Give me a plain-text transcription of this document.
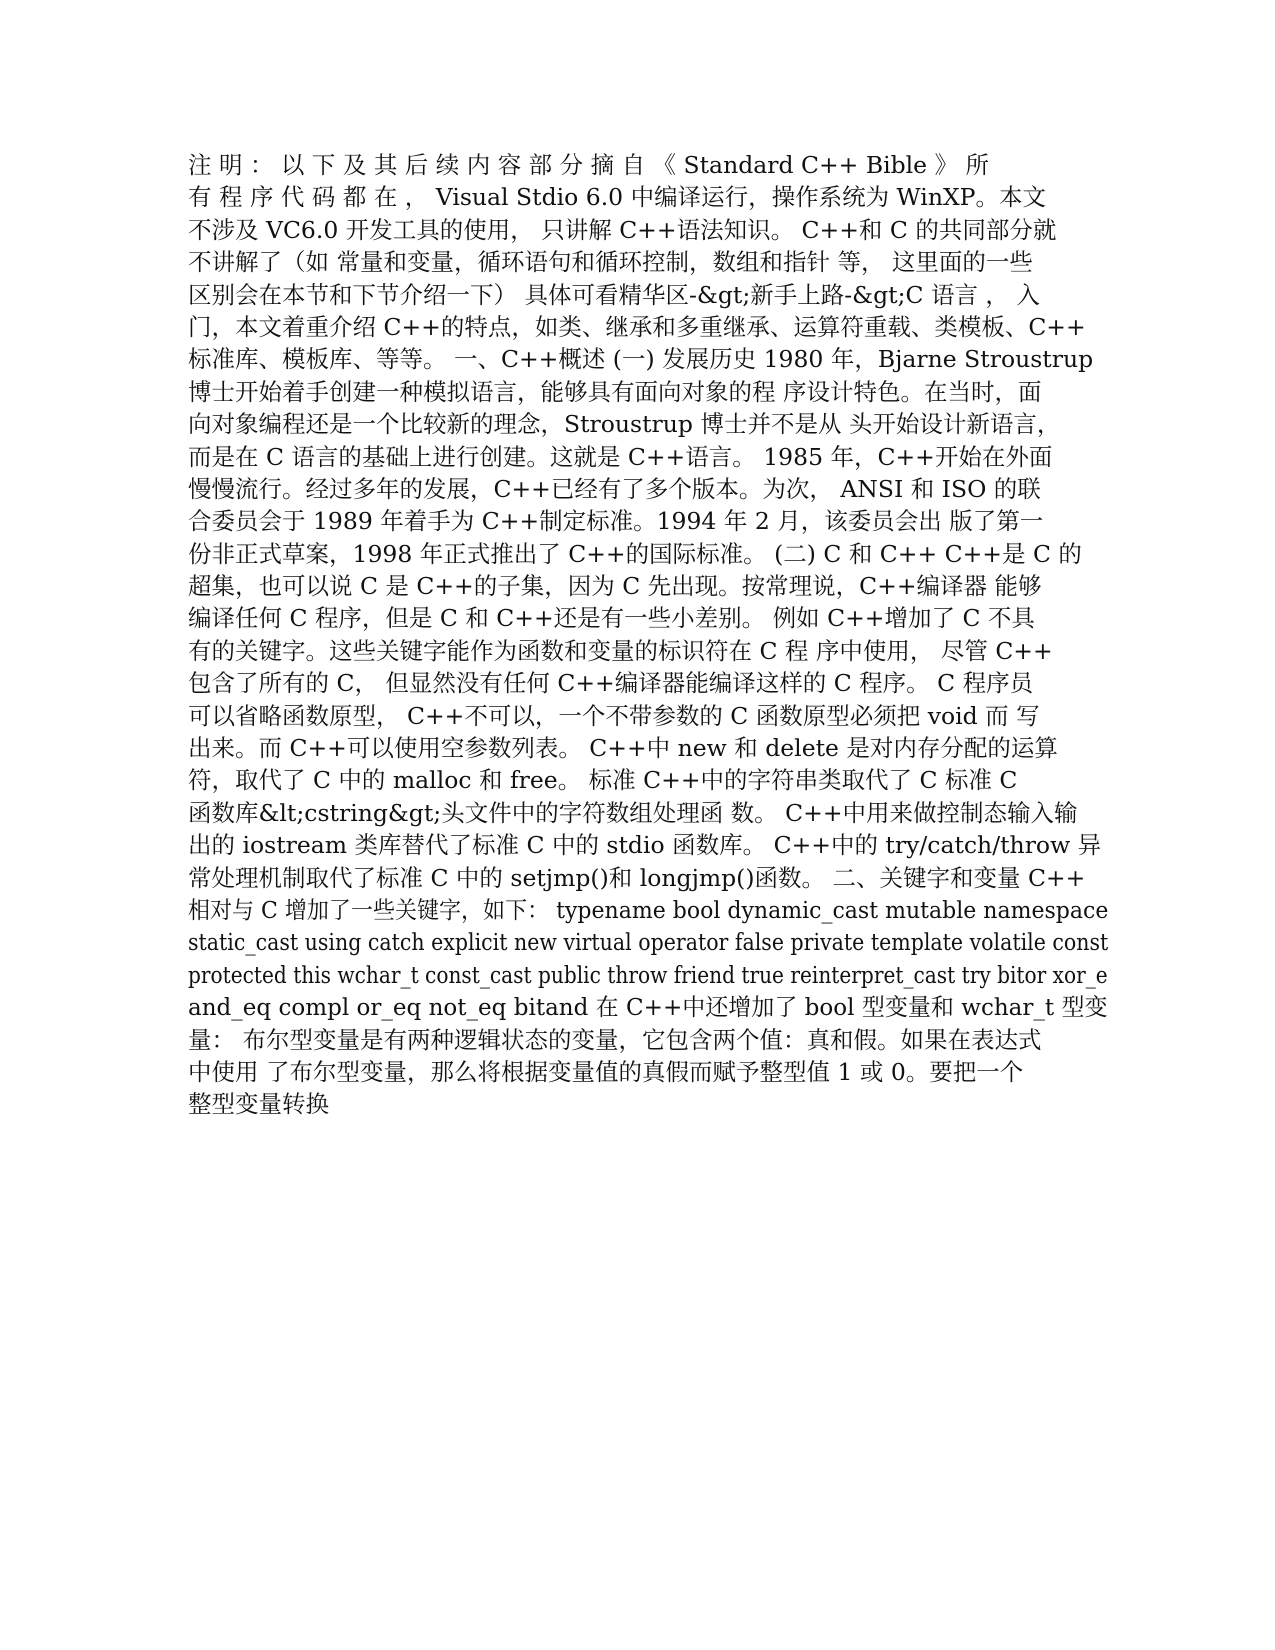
注 明 ： 以 下 及 其 后 续 内 容 部 分 摘 自 《 Standard C++ Bible 》 所
有 程 序 代 码 都 在 ， Visual Stdio 6.0 中编译运行，操作系统为 WinXP。本文
不涉及 VC6.0 开发工具的使用， 只讲解 C++语法知识。 C++和 C 的共同部分就
不讲解了（如 常量和变量，循环语句和循环控制，数组和指针 等， 这里面的一些
区别会在本节和下节介绍一下） 具体可看精华区-&gt;新手上路-&gt;C 语言 ， 入
门，本文着重介绍 C++的特点，如类、继承和多重继承、运算符重载、类模板、C++
标准库、模板库、等等。 一、C++概述 (一) 发展历史 1980 年，Bjarne Stroustrup
博士开始着手创建一种模拟语言，能够具有面向对象的程 序设计特色。在当时，面
向对象编程还是一个比较新的理念，Stroustrup 博士并不是从 头开始设计新语言，
而是在 C 语言的基础上进行创建。这就是 C++语言。 1985 年，C++开始在外面
慢慢流行。经过多年的发展，C++已经有了多个版本。为次， ANSI 和 ISO 的联
合委员会于 1989 年着手为 C++制定标准。1994 年 2 月，该委员会出 版了第一
份非正式草案，1998 年正式推出了 C++的国际标准。 (二) C 和 C++ C++是 C 的
超集，也可以说 C 是 C++的子集，因为 C 先出现。按常理说，C++编译器 能够
编译任何 C 程序，但是 C 和 C++还是有一些小差别。 例如 C++增加了 C 不具
有的关键字。这些关键字能作为函数和变量的标识符在 C 程 序中使用， 尽管 C++
包含了所有的 C， 但显然没有任何 C++编译器能编译这样的 C 程序。 C 程序员
可以省略函数原型， C++不可以，一个不带参数的 C 函数原型必须把 void 而 写
出来。而 C++可以使用空参数列表。 C++中 new 和 delete 是对内存分配的运算
符，取代了 C 中的 malloc 和 free。 标准 C++中的字符串类取代了 C 标准 C
函数库&lt;cstring&gt;头文件中的字符数组处理函 数。 C++中用来做控制态输入输
出的 iostream 类库替代了标准 C 中的 stdio 函数库。 C++中的 try/catch/throw 异
常处理机制取代了标准 C 中的 setjmp()和 longjmp()函数。 二、关键字和变量 C++
相对与 C 增加了一些关键字，如下： typename bool dynamic_cast mutable namespace
static_cast using catch explicit new virtual operator false private template volatile const
protected this wchar_t const_cast public throw friend true reinterpret_cast try bitor xor_e
and_eq compl or_eq not_eq bitand 在 C++中还增加了 bool 型变量和 wchar_t 型变
量： 布尔型变量是有两种逻辑状态的变量，它包含两个值：真和假。如果在表达式
中使用 了布尔型变量，那么将根据变量值的真假而赋予整型值 1 或 0。要把一个
整型变量转换
